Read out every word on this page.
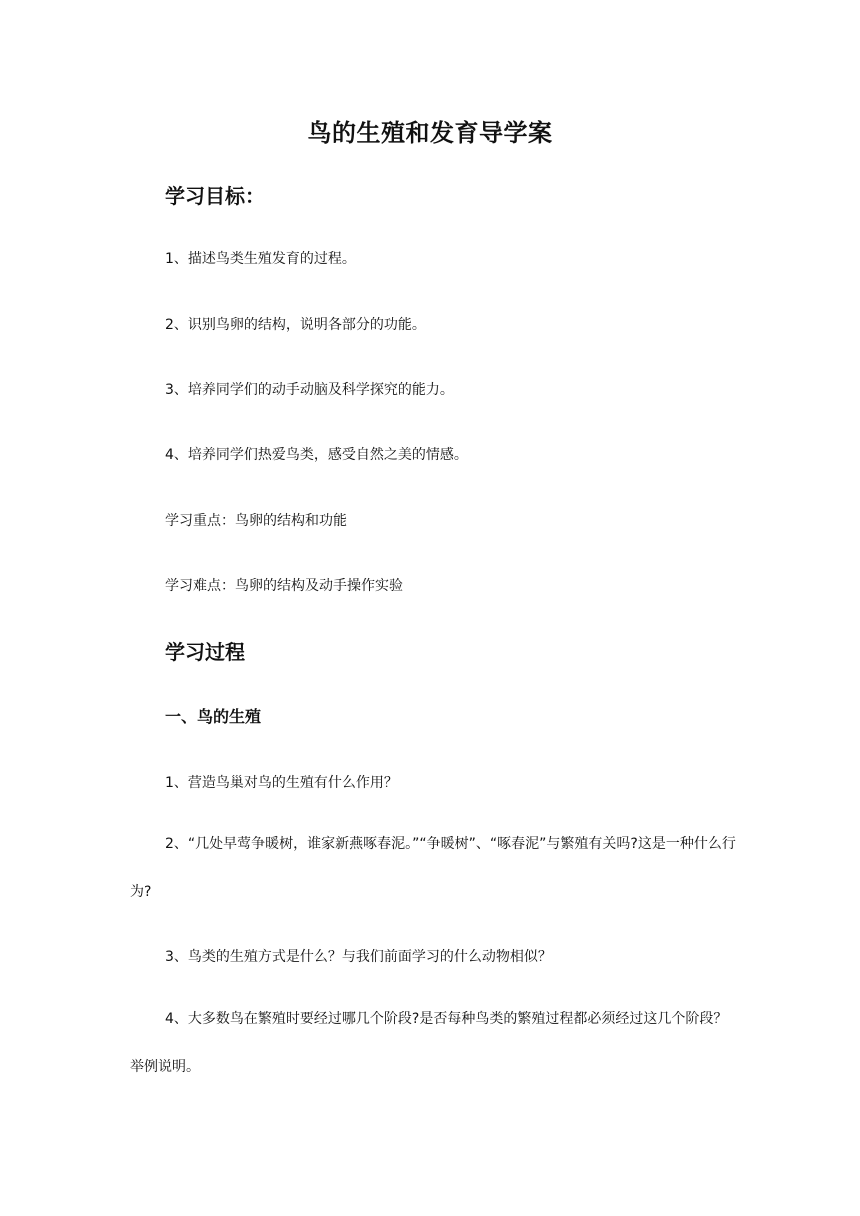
鸟的生殖和发育导学案
学习目标：
1、描述鸟类生殖发育的过程。
2、识别鸟卵的结构，说明各部分的功能。
3、培养同学们的动手动脑及科学探究的能力。
4、培养同学们热爱鸟类，感受自然之美的情感。
学习重点：鸟卵的结构和功能
学习难点：鸟卵的结构及动手操作实验
学习过程
一、鸟的生殖
1、营造鸟巢对鸟的生殖有什么作用？
2、“几处早莺争暖树，谁家新燕啄春泥。”“争暖树”、“啄春泥”与繁殖有关吗?这是一种什么行为?
3、鸟类的生殖方式是什么？与我们前面学习的什么动物相似？
4、大多数鸟在繁殖时要经过哪几个阶段?是否每种鸟类的繁殖过程都必须经过这几个阶段？举例说明。
